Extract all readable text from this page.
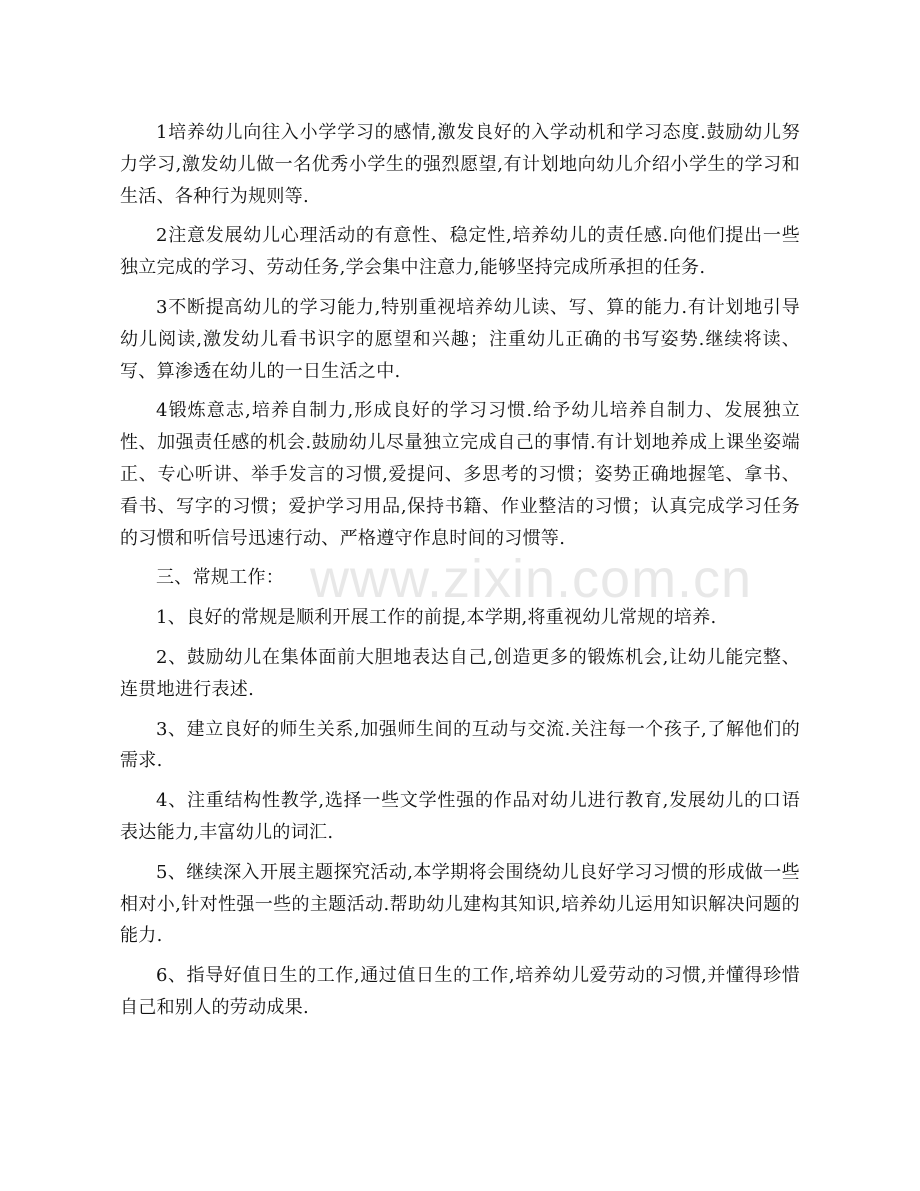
1培养幼儿向往入小学学习的感情,激发良好的入学动机和学习态度.鼓励幼儿努力学习,激发幼儿做一名优秀小学生的强烈愿望,有计划地向幼儿介绍小学生的学习和生活、各种行为规则等.

2注意发展幼儿心理活动的有意性、稳定性,培养幼儿的责任感.向他们提出一些独立完成的学习、劳动任务,学会集中注意力,能够坚持完成所承担的任务.

3不断提高幼儿的学习能力,特别重视培养幼儿读、写、算的能力.有计划地引导幼儿阅读,激发幼儿看书识字的愿望和兴趣；注重幼儿正确的书写姿势.继续将读、写、算渗透在幼儿的一日生活之中.

4锻炼意志,培养自制力,形成良好的学习习惯.给予幼儿培养自制力、发展独立性、加强责任感的机会.鼓励幼儿尽量独立完成自己的事情.有计划地养成上课坐姿端正、专心听讲、举手发言的习惯,爱提问、多思考的习惯；姿势正确地握笔、拿书、看书、写字的习惯；爱护学习用品,保持书籍、作业整洁的习惯；认真完成学习任务的习惯和听信号迅速行动、严格遵守作息时间的习惯等.

三、常规工作：

1、良好的常规是顺利开展工作的前提,本学期,将重视幼儿常规的培养.

2、鼓励幼儿在集体面前大胆地表达自己,创造更多的锻炼机会,让幼儿能完整、连贯地进行表述.

3、建立良好的师生关系,加强师生间的互动与交流.关注每一个孩子,了解他们的需求.

4、注重结构性教学,选择一些文学性强的作品对幼儿进行教育,发展幼儿的口语表达能力,丰富幼儿的词汇.

5、继续深入开展主题探究活动,本学期将会围绕幼儿良好学习习惯的形成做一些相对小,针对性强一些的主题活动.帮助幼儿建构其知识,培养幼儿运用知识解决问题的能力.

6、指导好值日生的工作,通过值日生的工作,培养幼儿爱劳动的习惯,并懂得珍惜自己和别人的劳动成果.

www.zixin.com.cn
